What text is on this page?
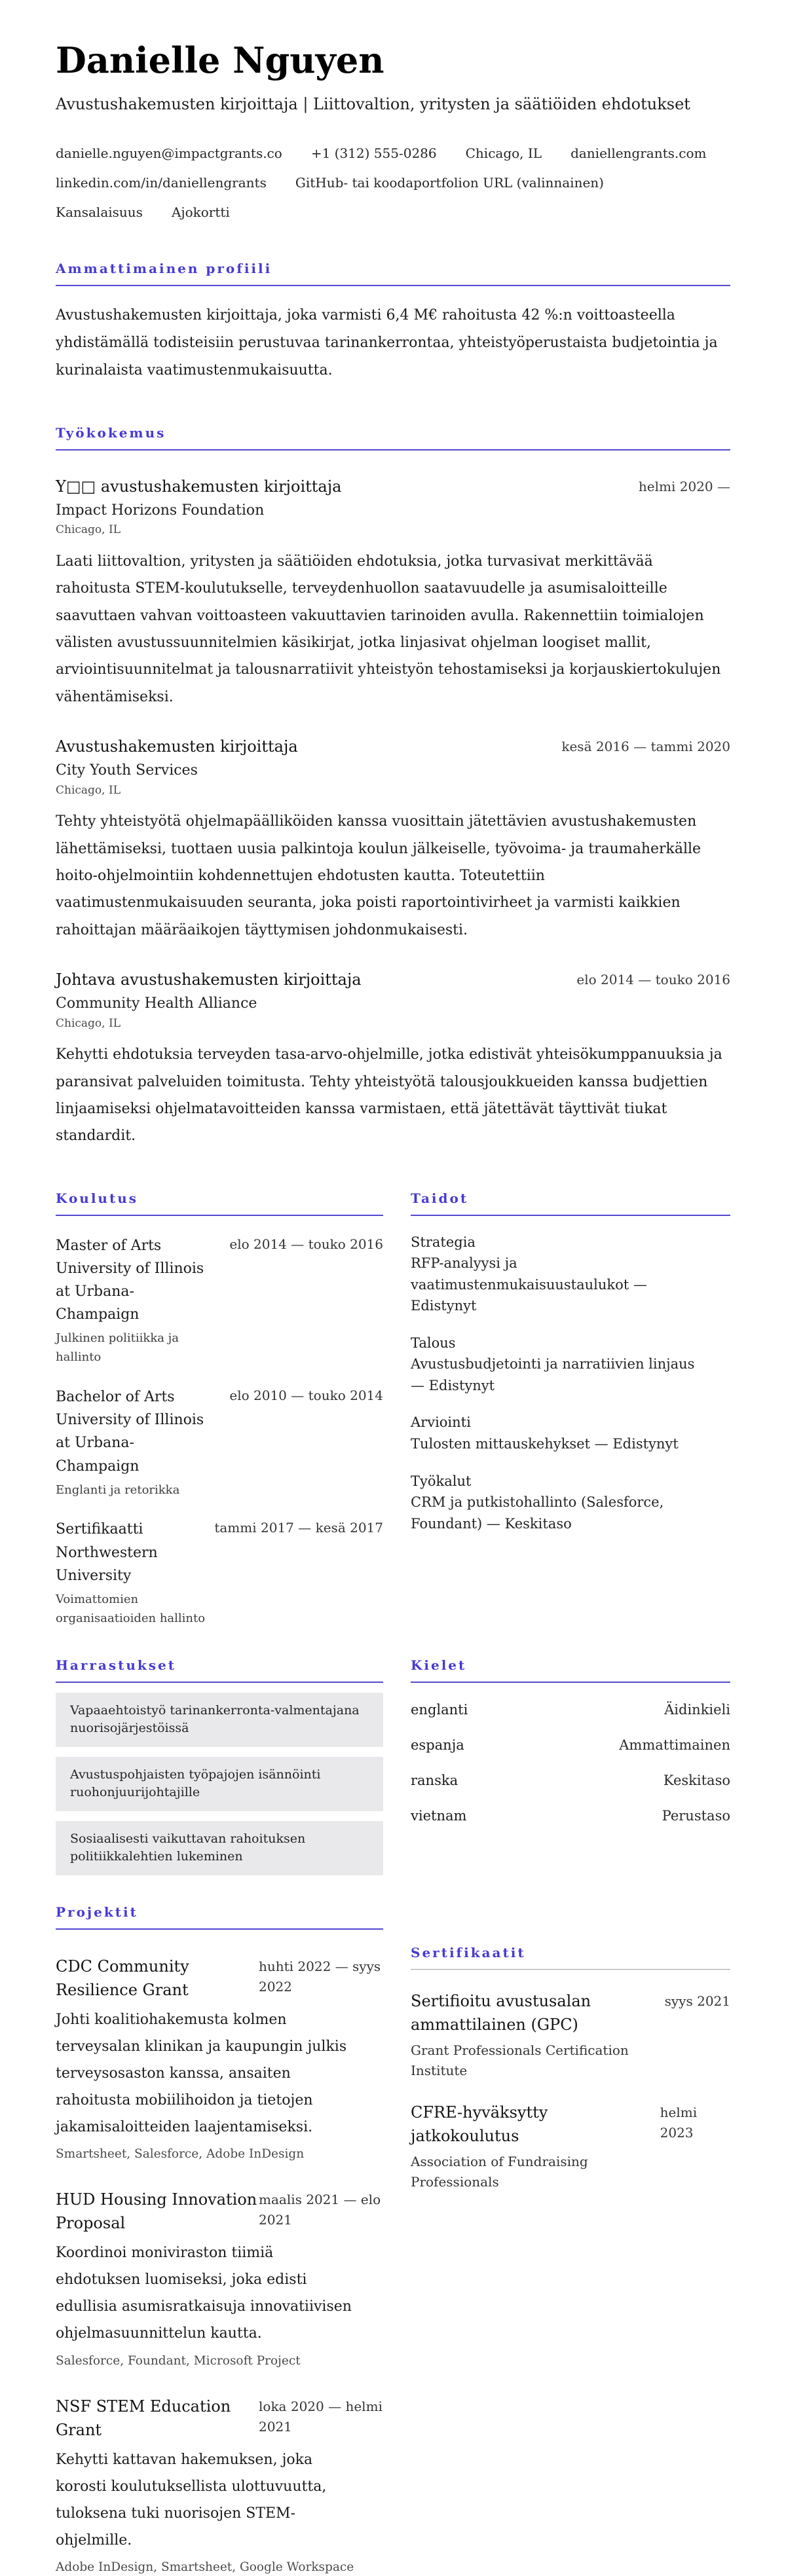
Danielle Nguyen
Avustushakemusten kirjoittaja | Liittovaltion, yritysten ja säätiöiden ehdotukset
danielle.nguyen@impactgrants.co +1 (312) 555-0286 Chicago, IL daniellengrants.com
linkedin.com/in/daniellengrants GitHub- tai koodaportfolion URL (valinnainen)
Kansalaisuus Ajokortti
Ammattimainen profiili
Avustushakemusten kirjoittaja, joka varmisti 6,4 M€ rahoitusta 42 %:n voittoasteella yhdistämällä todisteisiin perustuvaa tarinankerrontaa, yhteistyöperustaista budjetointia ja kurinalaista vaatimustenmukaisuutta.
Työkokemus
Y□□ avustushakemusten kirjoittaja	helmi 2020 —
Impact Horizons Foundation
Chicago, IL
Laati liittovaltion, yritysten ja säätiöiden ehdotuksia, jotka turvasivat merkittävää rahoitusta STEM-koulutukselle, terveydenhuollon saatavuudelle ja asumisaloitteille saavuttaen vahvan voittoasteen vakuuttavien tarinoiden avulla. Rakennettiin toimialojen välisten avustussuunnitelmien käsikirjat, jotka linjasivat ohjelman loogiset mallit, arviointisuunnitelmat ja talousnarratiivit yhteistyön tehostamiseksi ja korjauskiertokulujen vähentämiseksi.
Avustushakemusten kirjoittaja	kesä 2016 — tammi 2020
City Youth Services
Chicago, IL
Tehty yhteistyötä ohjelmapäälliköiden kanssa vuosittain jätettävien avustushakemusten lähettämiseksi, tuottaen uusia palkintoja koulun jälkeiselle, työvoima- ja traumaherkälle hoito-ohjelmointiin kohdennettujen ehdotusten kautta. Toteutettiin vaatimustenmukaisuuden seuranta, joka poisti raportointivirheet ja varmisti kaikkien rahoittajan määräaikojen täyttymisen johdonmukaisesti.
Johtava avustushakemusten kirjoittaja	elo 2014 — touko 2016
Community Health Alliance
Chicago, IL
Kehytti ehdotuksia terveyden tasa-arvo-ohjelmille, jotka edistivät yhteisökumppanuuksia ja paransivat palveluiden toimitusta. Tehty yhteistyötä talousjoukkueiden kanssa budjettien linjaamiseksi ohjelmatavoitteiden kanssa varmistaen, että jätettävät täyttivät tiukat standardit.
Koulutus
Master of Arts
University of Illinois at Urbana-Champaign
elo 2014 — touko 2016
Julkinen politiikka ja hallinto
Bachelor of Arts
University of Illinois at Urbana-Champaign
elo 2010 — touko 2014
Englanti ja retorikka
Sertifikaatti
Northwestern University
tammi 2017 — kesä 2017
Voimattomien organisaatioiden hallinto
Taidot
Strategia
RFP-analyysi ja vaatimustenmukaisuustaulukot — Edistynyt
Talous
Avustusbudjetointi ja narratiivien linjaus — Edistynyt
Arviointi
Tulosten mittauskehykset — Edistynyt
Työkalut
CRM ja putkistohallinto (Salesforce, Foundant) — Keskitaso
Harrastukset
Vapaaehtoistyö tarinankerronta-valmentajana nuorisojärjestöissä
Avustuspohjaisten työpajojen isännöinti ruohonjuurijohtajille
Sosiaalisesti vaikuttavan rahoituksen politiikkalehtien lukeminen
Kielet
englanti	Äidinkieli
espanja	Ammattimainen
ranska	Keskitaso
vietnam	Perustaso
Projektit
CDC Community Resilience Grant
huhti 2022 — syys 2022
Johti koalitiohakemusta kolmen terveysalan klinikan ja kaupungin julkis terveysosaston kanssa, ansaiten rahoitusta mobiilihoidon ja tietojen jakamisaloitteiden laajentamiseksi.
Smartsheet, Salesforce, Adobe InDesign
HUD Housing Innovation Proposal
maalis 2021 — elo 2021
Koordinoi moniviraston tiimiä ehdotuksen luomiseksi, joka edisti edullisia asumisratkaisuja innovatiivisen ohjelmasuunnittelun kautta.
Salesforce, Foundant, Microsoft Project
NSF STEM Education Grant
loka 2020 — helmi 2021
Kehytti kattavan hakemuksen, joka korosti koulutuksellista ulottuvuutta, tuloksena tuki nuorisojen STEM-ohjelmille.
Adobe InDesign, Smartsheet, Google Workspace
Sertifikaatit
Sertifioitu avustusalan ammattilainen (GPC)
syys 2021
Grant Professionals Certification Institute
CFRE-hyväksytty jatkokoulutus
helmi 2023
Association of Fundraising Professionals
